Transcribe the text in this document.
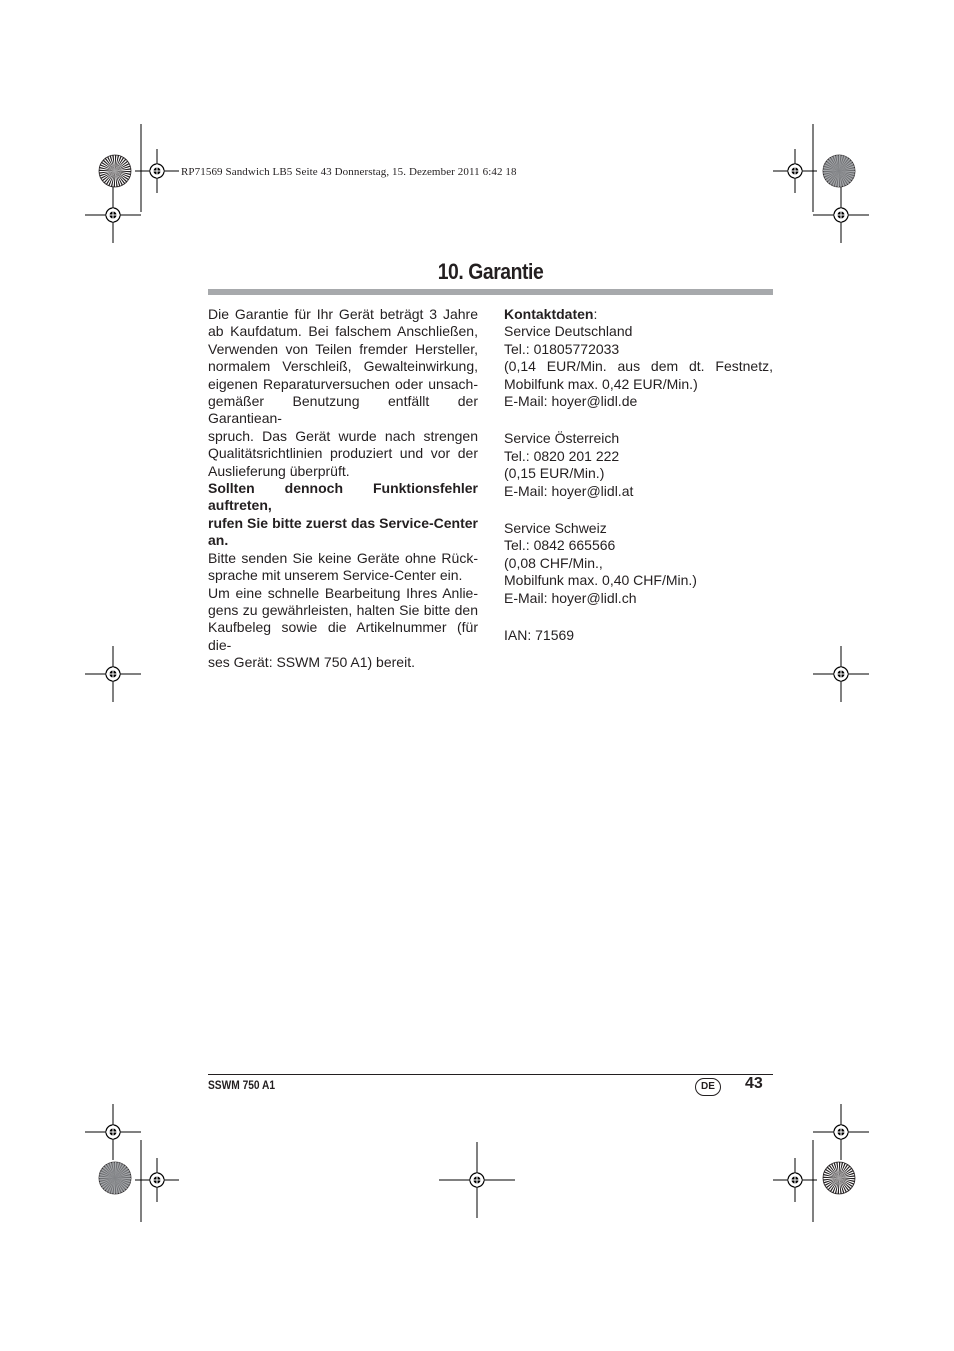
RP71569 Sandwich LB5 Seite 43 Donnerstag, 15. Dezember 2011 6:42 18
10. Garantie
Die Garantie für Ihr Gerät beträgt 3 Jahre
ab Kaufdatum. Bei falschem Anschließen,
Verwenden von Teilen fremder Hersteller,
normalem Verschleiß, Gewalteinwirkung,
eigenen Reparaturversuchen oder unsach-
gemäßer Benutzung entfällt der Garantiean-
spruch. Das Gerät wurde nach strengen
Qualitätsrichtlinien produziert und vor der
Auslieferung überprüft.
Sollten dennoch Funktionsfehler auftreten,
rufen Sie bitte zuerst das Service-Center
an.
Bitte senden Sie keine Geräte ohne Rück-
sprache mit unserem Service-Center ein.
Um eine schnelle Bearbeitung Ihres Anlie-
gens zu gewährleisten, halten Sie bitte den
Kaufbeleg sowie die Artikelnummer (für die-
ses Gerät: SSWM 750 A1) bereit.
Kontaktdaten:
Service Deutschland
Tel.: 01805772033
(0,14 EUR/Min. aus dem dt. Festnetz,
Mobilfunk max. 0,42 EUR/Min.)
E-Mail: hoyer@lidl.de
Service Österreich
Tel.: 0820 201 222
(0,15 EUR/Min.)
E-Mail: hoyer@lidl.at
Service Schweiz
Tel.: 0842 665566
(0,08 CHF/Min.,
Mobilfunk max. 0,40 CHF/Min.)
E-Mail: hoyer@lidl.ch
IAN: 71569
SSWM 750 A1	DE	43
